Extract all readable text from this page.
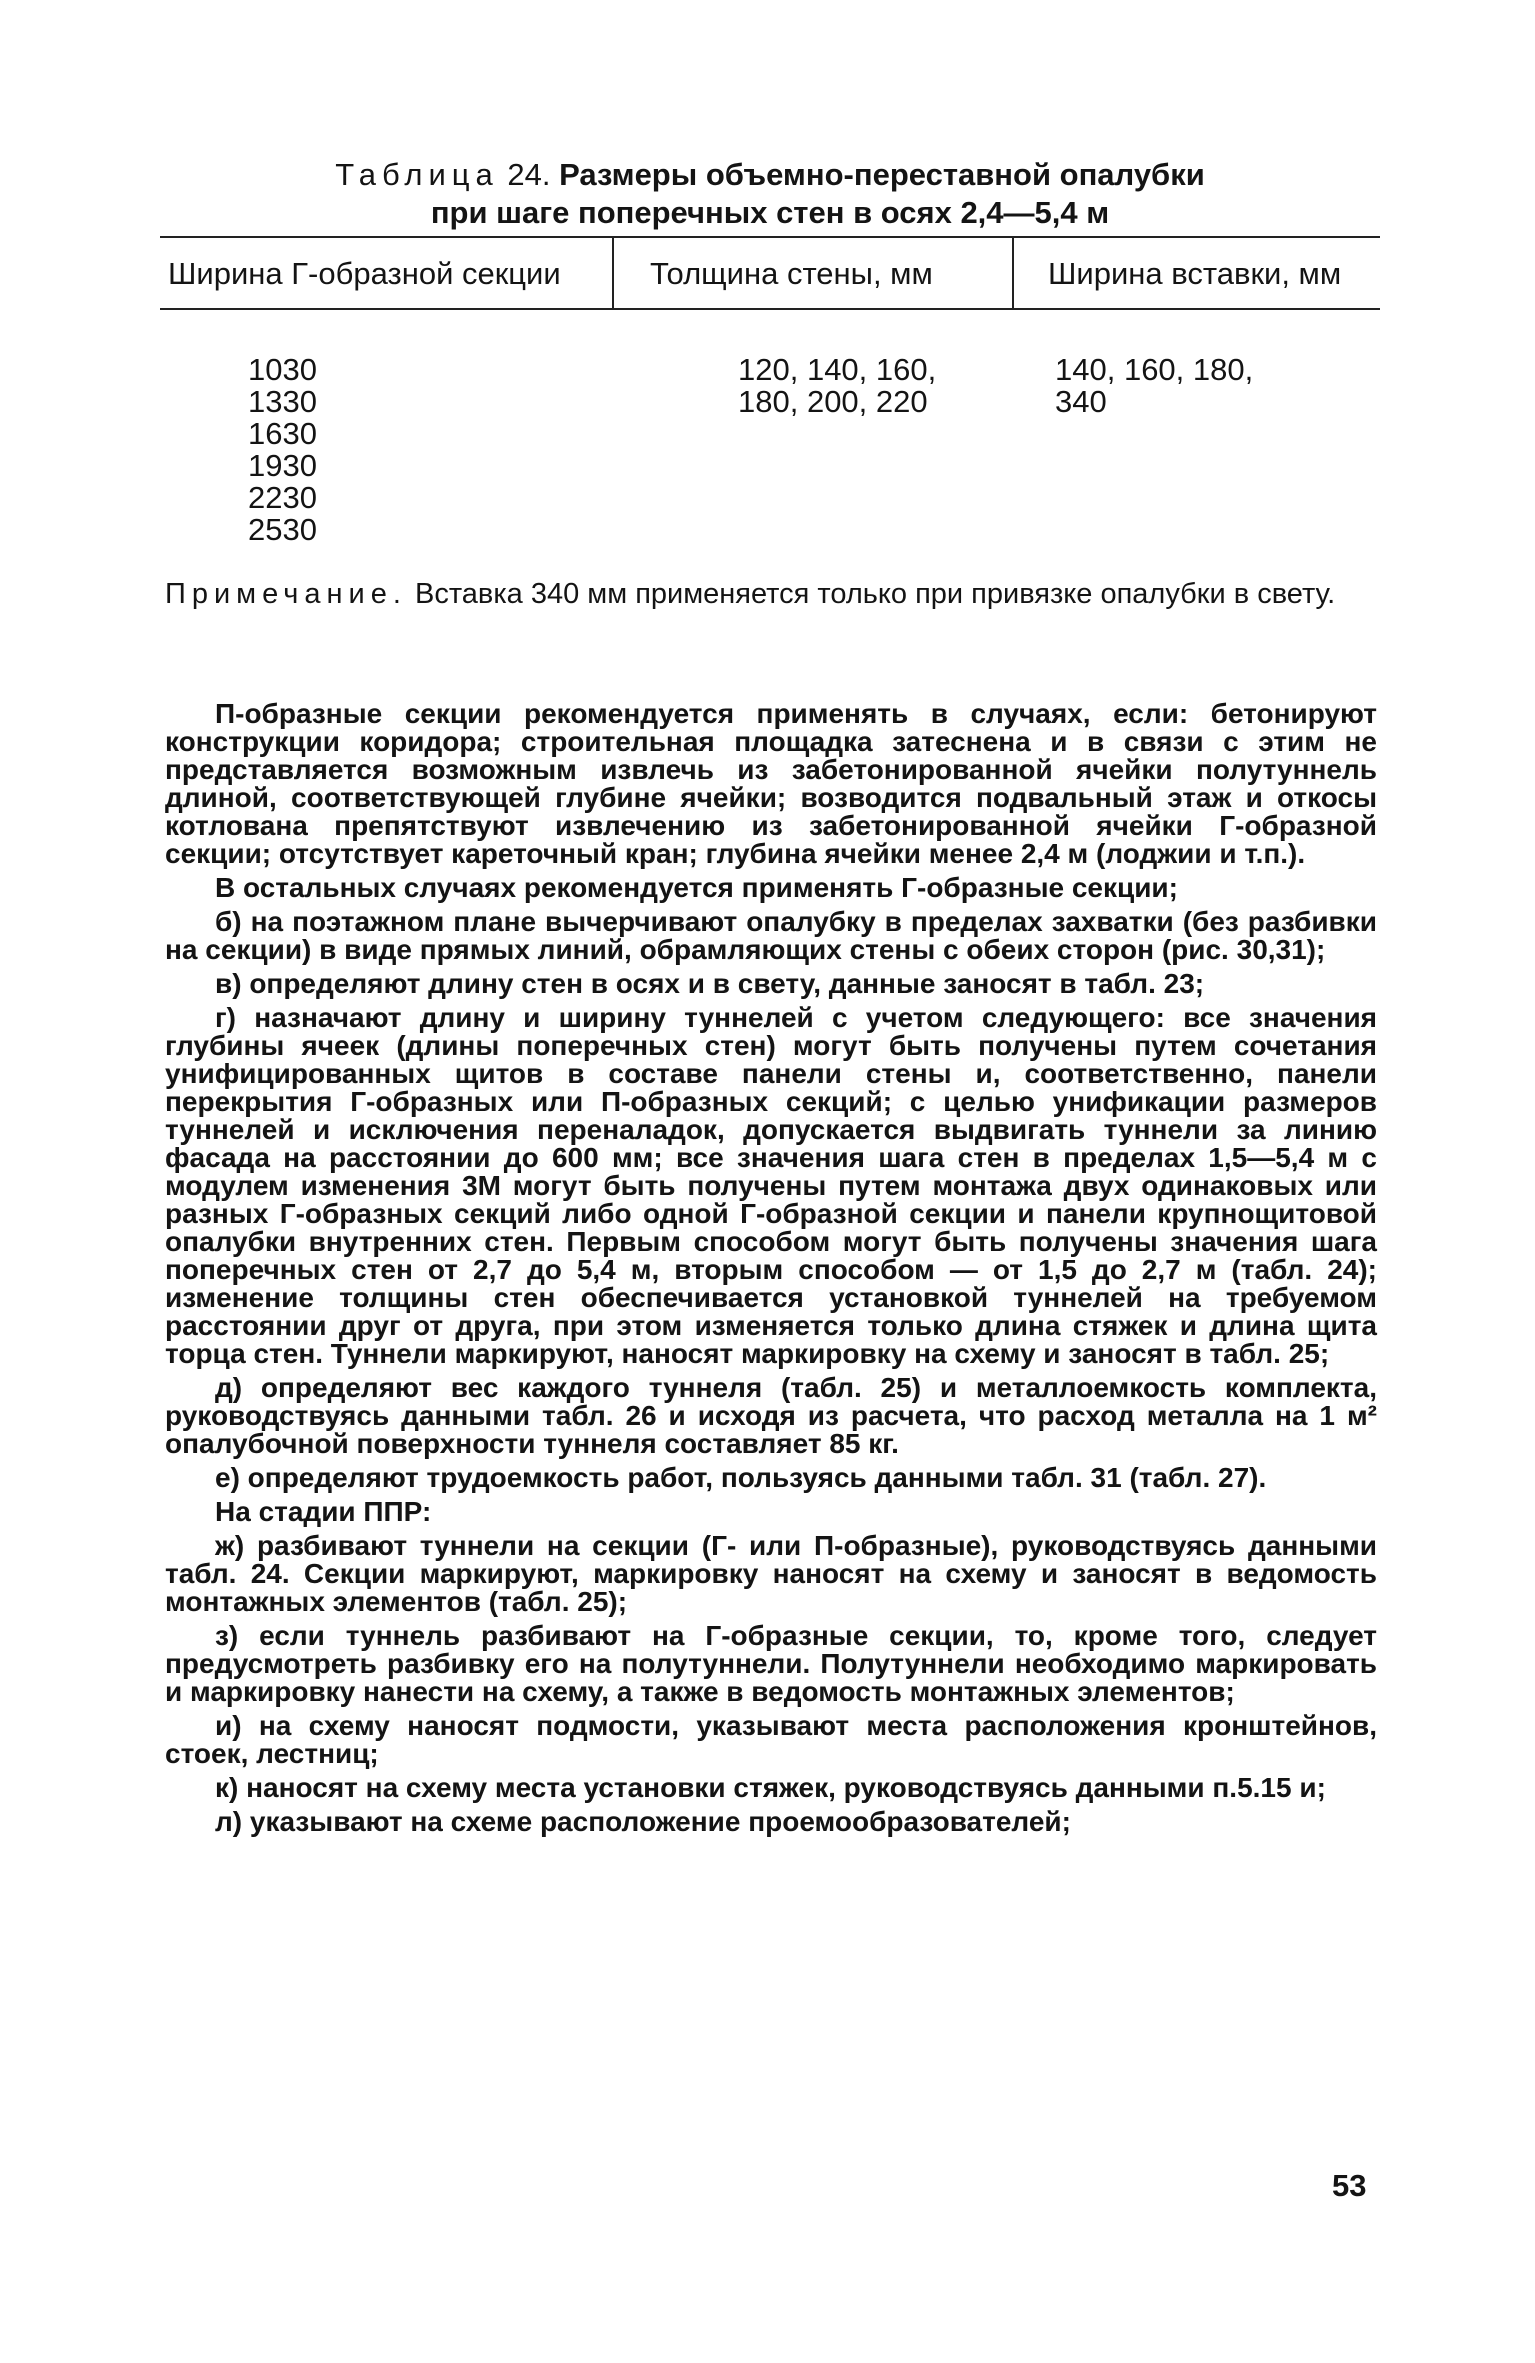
Таблица 24. Размеры объемно-переставной опалубки
при шаге поперечных стен в осях 2,4—5,4 м
Ширина Г-образной секции	Толщина стены, мм	Ширина вставки, мм
1030
1330
1630
1930
2230
2530
120, 140, 160,
180, 200, 220
140, 160, 180,
340
Примечание. Вставка 340 мм применяется только при привязке опалубки в свету.

П-образные секции рекомендуется применять в случаях, если: бетонируют конструкции коридора; строительная площадка затеснена и в связи с этим не представляется возможным извлечь из забетонированной ячейки полутуннель длиной, соответствующей глубине ячейки; возводится подвальный этаж и откосы котлована препятствуют извлечению из забетонированной ячейки Г-образной секции; отсутствует кареточный кран; глубина ячейки менее 2,4 м (лоджии и т.п.).

В остальных случаях рекомендуется применять Г-образные секции;

б) на поэтажном плане вычерчивают опалубку в пределах захватки (без разбивки на секции) в виде прямых линий, обрамляющих стены с обеих сторон (рис. 30,31);

в) определяют длину стен в осях и в свету, данные заносят в табл. 23;

г) назначают длину и ширину туннелей с учетом следующего: все значения глубины ячеек (длины поперечных стен) могут быть получены путем сочетания унифицированных щитов в составе панели стены и, соответственно, панели перекрытия Г-образных или П-образных секций; с целью унификации размеров туннелей и исключения переналадок, допускается выдвигать туннели за линию фасада на расстоянии до 600 мм; все значения шага стен в пределах 1,5—5,4 м с модулем изменения 3М могут быть получены путем монтажа двух одинаковых или разных Г-образных секций либо одной Г-образной секции и панели крупнощитовой опалубки внутренних стен. Первым способом могут быть получены значения шага поперечных стен от 2,7 до 5,4 м, вторым способом — от 1,5 до 2,7 м (табл. 24); изменение толщины стен обеспечивается установкой туннелей на требуемом расстоянии друг от друга, при этом изменяется только длина стяжек и длина щита торца стен. Туннели маркируют, наносят маркировку на схему и заносят в табл. 25;

д) определяют вес каждого туннеля (табл. 25) и металлоемкость комплекта, руководствуясь данными табл. 26 и исходя из расчета, что расход металла на 1 м² опалубочной поверхности туннеля составляет 85 кг.

е) определяют трудоемкость работ, пользуясь данными табл. 31 (табл. 27).

На стадии ППР:

ж) разбивают туннели на секции (Г- или П-образные), руководствуясь данными табл. 24. Секции маркируют, маркировку наносят на схему и заносят в ведомость монтажных элементов (табл. 25);

з) если туннель разбивают на Г-образные секции, то, кроме того, следует предусмотреть разбивку его на полутуннели. Полутуннели необходимо маркировать и маркировку нанести на схему, а также в ведомость монтажных элементов;

и) на схему наносят подмости, указывают места расположения кронштейнов, стоек, лестниц;

к) наносят на схему места установки стяжек, руководствуясь данными п.5.15 и;

л) указывают на схеме расположение проемообразователей;

53
